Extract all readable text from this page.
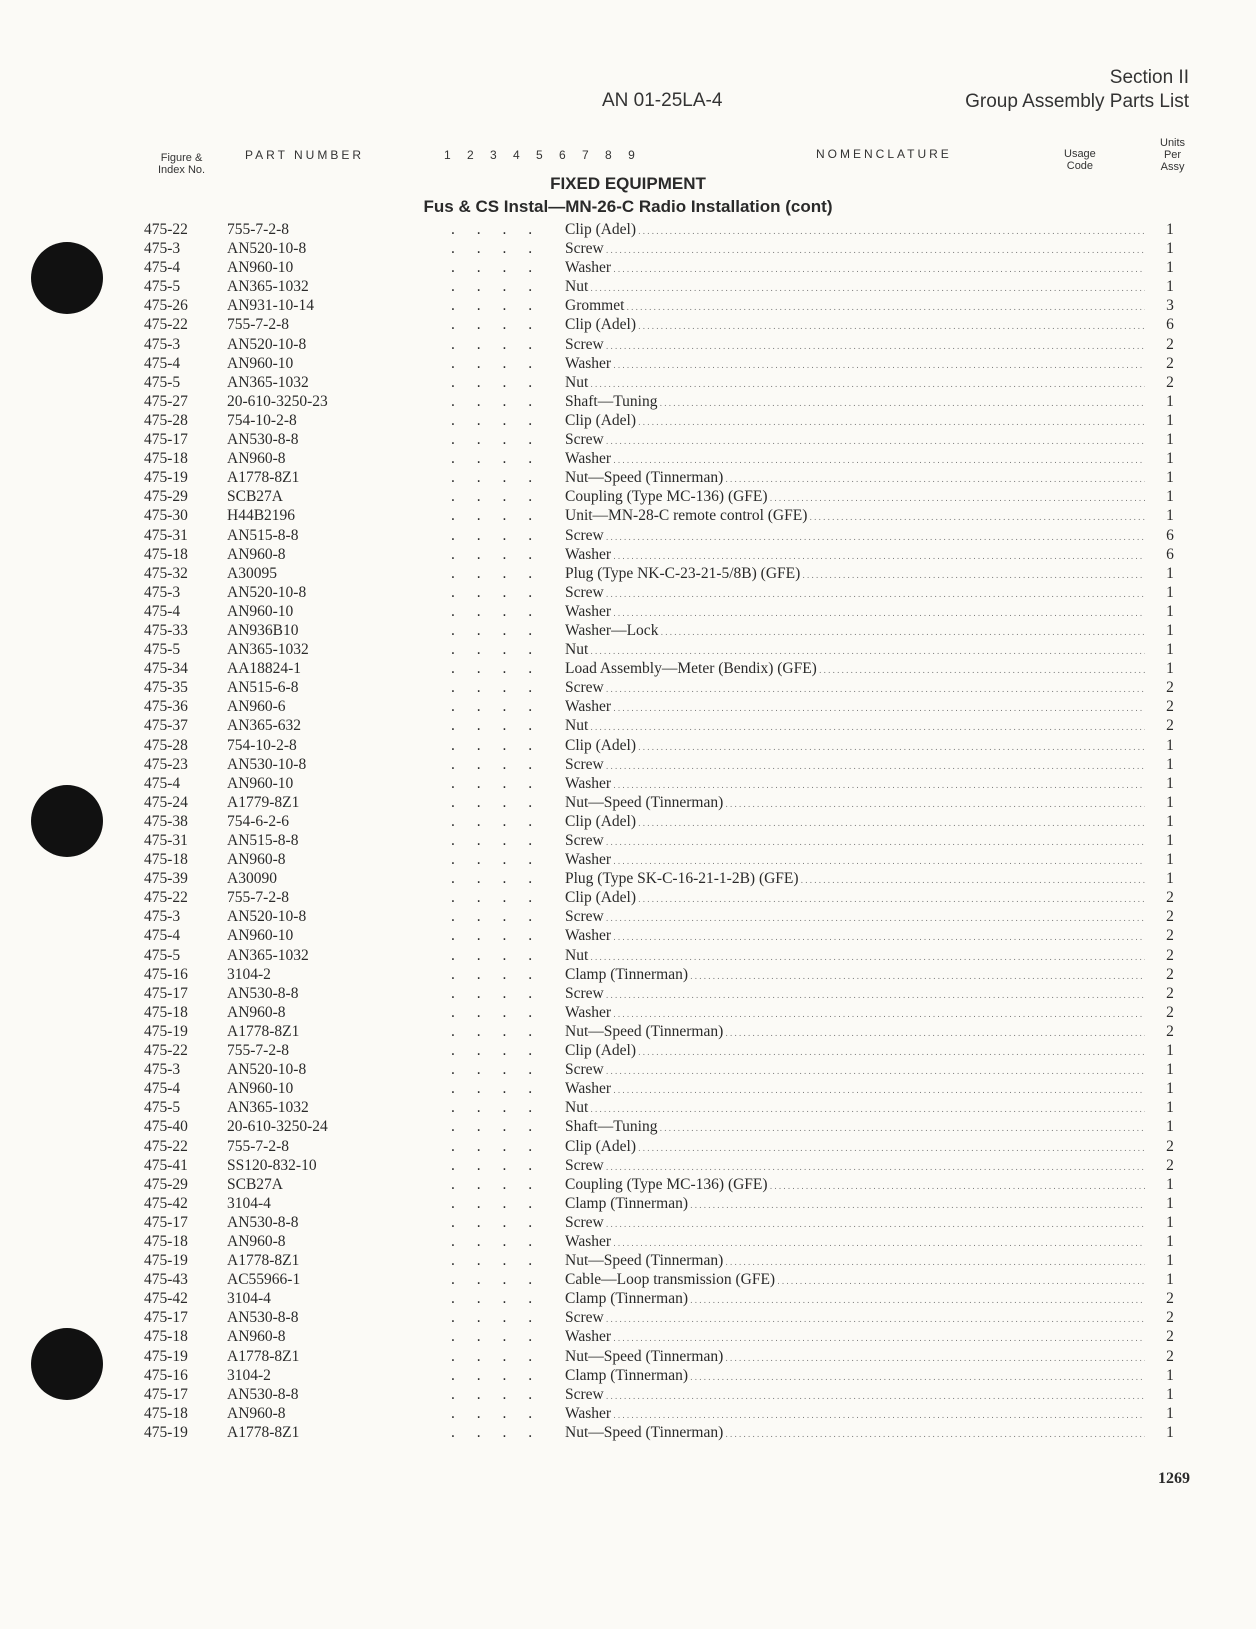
AN 01-25LA-4
Section II
Group Assembly Parts List
Figure &
Index No.
PART NUMBER	1 2 3 4 5 6 7 8 9	NOMENCLATURE	Usage
Code
Units
Per
Assy
FIXED EQUIPMENT
Fus & CS Instal—MN-26-C Radio Installation (cont)
475-22	755-7-2-8	. . . . Clip (Adel) . . .	1
475-3	AN520-10-8	. . . . Screw . . .	1
475-4	AN960-10	. . . . Washer . . .	1
475-5	AN365-1032	. . . . Nut . . .	1
475-26	AN931-10-14	. . . . Grommet . . .	3
475-22	755-7-2-8	. . . . Clip (Adel) . . .	6
475-3	AN520-10-8	. . . . Screw . . .	2
475-4	AN960-10	. . . . Washer . . .	2
475-5	AN365-1032	. . . . Nut . . .	2
475-27	20-610-3250-23	. . . . Shaft—Tuning . . .	1
475-28	754-10-2-8	. . . . Clip (Adel) . . .	1
475-17	AN530-8-8	. . . . Screw . . .	1
475-18	AN960-8	. . . . Washer . . .	1
475-19	A1778-8Z1	. . . . Nut—Speed (Tinnerman) . . .	1
475-29	SCB27A	. . . . Coupling (Type MC-136) (GFE) . . .	1
475-30	H44B2196	. . . . Unit—MN-28-C remote control (GFE) . . .	1
475-31	AN515-8-8	. . . . Screw . . .	6
475-18	AN960-8	. . . . Washer . . .	6
475-32	A30095	. . . . Plug (Type NK-C-23-21-5/8B) (GFE) . . .	1
475-3	AN520-10-8	. . . . Screw . . .	1
475-4	AN960-10	. . . . Washer . . .	1
475-33	AN936B10	. . . . Washer—Lock . . .	1
475-5	AN365-1032	. . . . Nut . . .	1
475-34	AA18824-1	. . . . Load Assembly—Meter (Bendix) (GFE) . . .	1
475-35	AN515-6-8	. . . . Screw . . .	2
475-36	AN960-6	. . . . Washer . . .	2
475-37	AN365-632	. . . . Nut . . .	2
475-28	754-10-2-8	. . . . Clip (Adel) . . .	1
475-23	AN530-10-8	. . . . Screw . . .	1
475-4	AN960-10	. . . . Washer . . .	1
475-24	A1779-8Z1	. . . . Nut—Speed (Tinnerman) . . .	1
475-38	754-6-2-6	. . . . Clip (Adel) . . .	1
475-31	AN515-8-8	. . . . Screw . . .	1
475-18	AN960-8	. . . . Washer . . .	1
475-39	A30090	. . . . Plug (Type SK-C-16-21-1-2B) (GFE) . . .	1
475-22	755-7-2-8	. . . . Clip (Adel) . . .	2
475-3	AN520-10-8	. . . . Screw . . .	2
475-4	AN960-10	. . . . Washer . . .	2
475-5	AN365-1032	. . . . Nut . . .	2
475-16	3104-2	. . . . Clamp (Tinnerman) . . .	2
475-17	AN530-8-8	. . . . Screw . . .	2
475-18	AN960-8	. . . . Washer . . .	2
475-19	A1778-8Z1	. . . . Nut—Speed (Tinnerman) . . .	2
475-22	755-7-2-8	. . . . Clip (Adel) . . .	1
475-3	AN520-10-8	. . . . Screw . . .	1
475-4	AN960-10	. . . . Washer . . .	1
475-5	AN365-1032	. . . . Nut . . .	1
475-40	20-610-3250-24	. . . . Shaft—Tuning . . .	1
475-22	755-7-2-8	. . . . Clip (Adel) . . .	2
475-41	SS120-832-10	. . . . Screw . . .	2
475-29	SCB27A	. . . . Coupling (Type MC-136) (GFE) . . .	1
475-42	3104-4	. . . . Clamp (Tinnerman) . . .	1
475-17	AN530-8-8	. . . . Screw . . .	1
475-18	AN960-8	. . . . Washer . . .	1
475-19	A1778-8Z1	. . . . Nut—Speed (Tinnerman) . . .	1
475-43	AC55966-1	. . . . Cable—Loop transmission (GFE) . . .	1
475-42	3104-4	. . . . Clamp (Tinnerman) . . .	2
475-17	AN530-8-8	. . . . Screw . . .	2
475-18	AN960-8	. . . . Washer . . .	2
475-19	A1778-8Z1	. . . . Nut—Speed (Tinnerman) . . .	2
475-16	3104-2	. . . . Clamp (Tinnerman) . . .	1
475-17	AN530-8-8	. . . . Screw . . .	1
475-18	AN960-8	. . . . Washer . . .	1
475-19	A1778-8Z1	. . . . Nut—Speed (Tinnerman) . . .	1
1269
